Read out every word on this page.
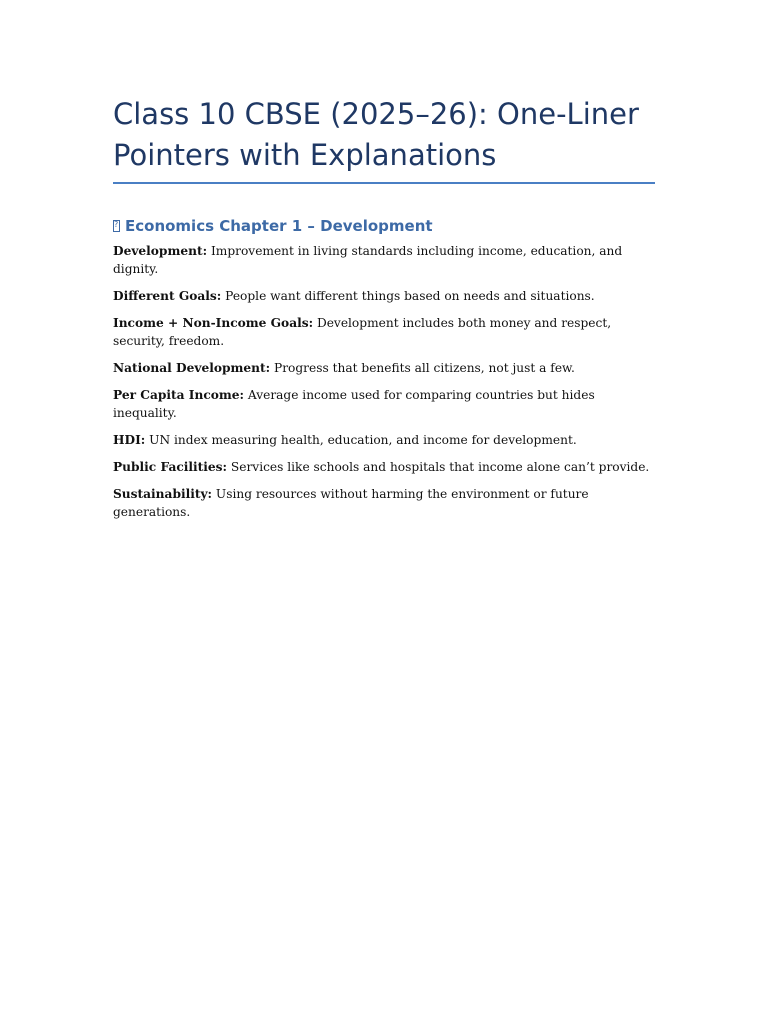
Class 10 CBSE (2025–26): One-Liner Pointers with Explanations
?
Economics Chapter 1 – Development

Development: Improvement in living standards including income, education, and dignity.

Different Goals: People want different things based on needs and situations.

Income + Non-Income Goals: Development includes both money and respect, security, freedom.

National Development: Progress that benefits all citizens, not just a few.

Per Capita Income: Average income used for comparing countries but hides inequality.

HDI: UN index measuring health, education, and income for development.

Public Facilities: Services like schools and hospitals that income alone can’t provide.

Sustainability: Using resources without harming the environment or future generations.
